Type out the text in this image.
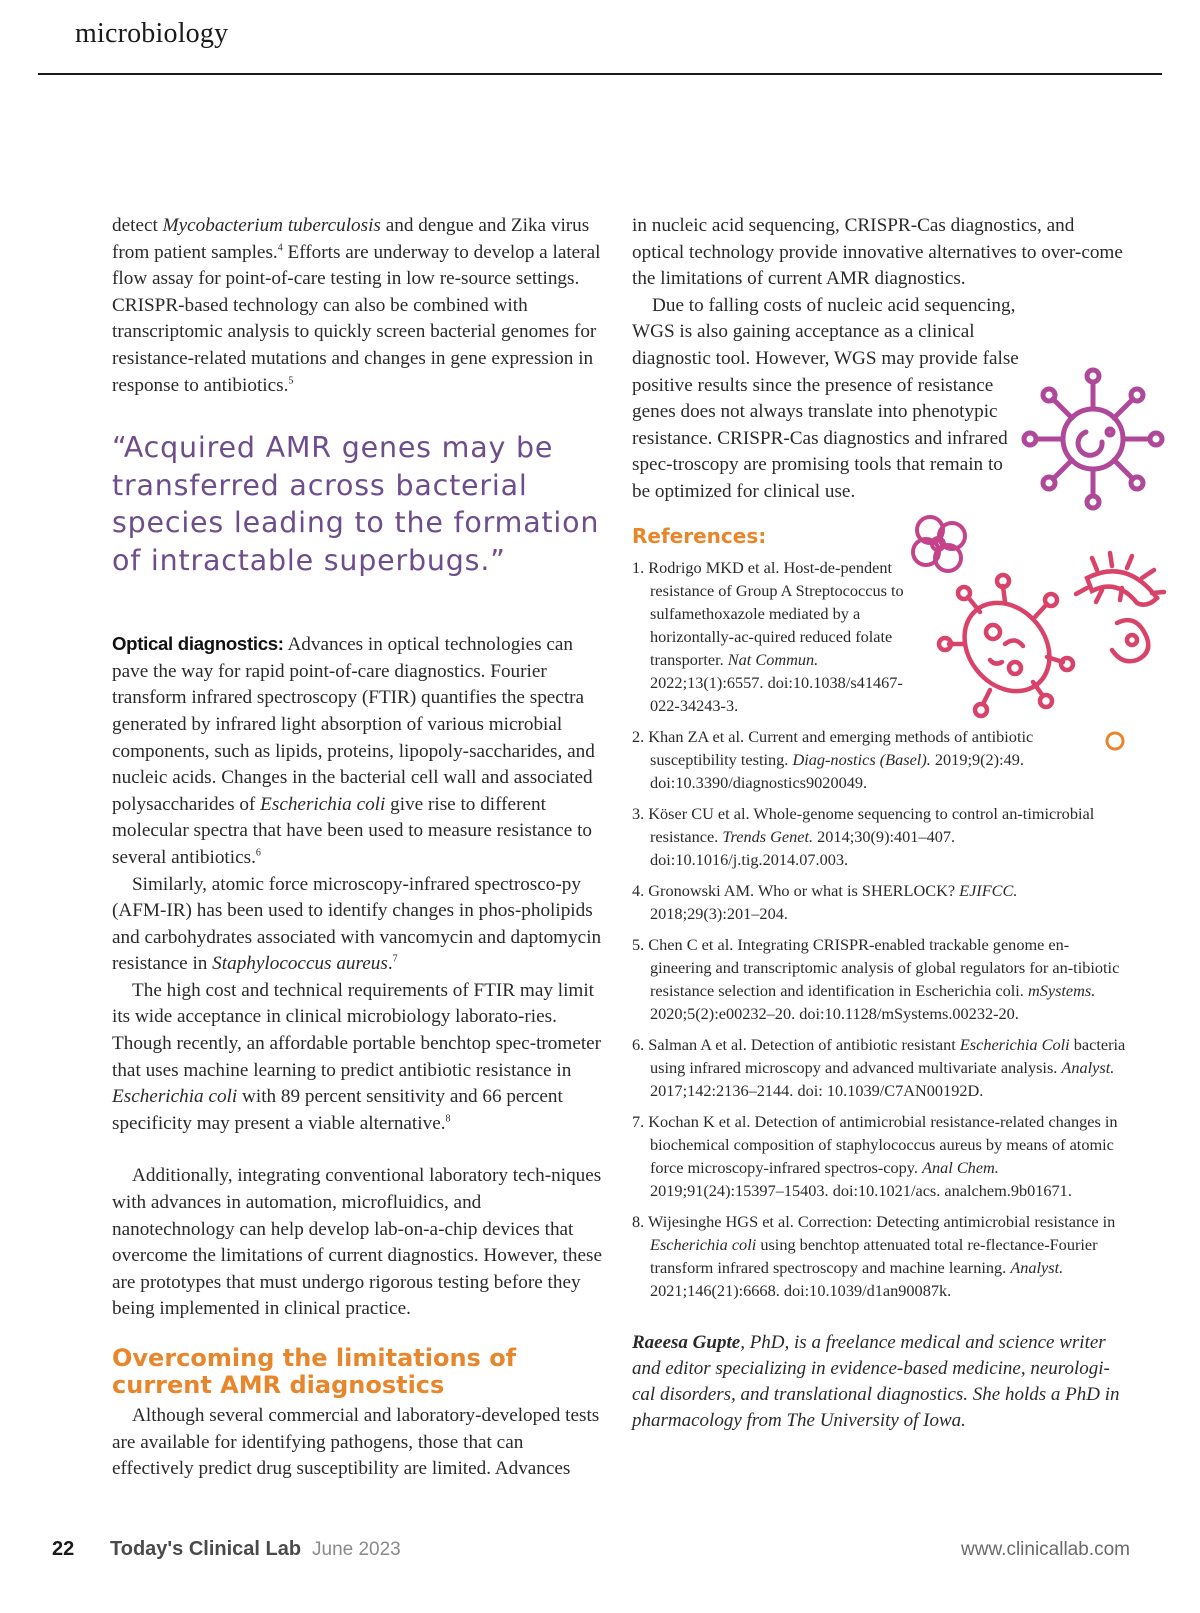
microbiology

detect Mycobacterium tuberculosis and dengue and Zika virus from patient samples.$^4$ Efforts are underway to develop a lateral flow assay for point-of-care testing in low re-source settings. CRISPR-based technology can also be combined with transcriptomic analysis to quickly screen bacterial genomes for resistance-related mutations and changes in gene expression in response to antibiotics.$^5$

“Acquired AMR genes may be transferred across bacterial species leading to the formation of intractable superbugs.”

Optical diagnostics: Advances in optical technologies can pave the way for rapid point-of-care diagnostics. Fourier transform infrared spectroscopy (FTIR) quantifies the spectra generated by infrared light absorption of various microbial components, such as lipids, proteins, lipopoly-saccharides, and nucleic acids. Changes in the bacterial cell wall and associated polysaccharides of Escherichia coli give rise to different molecular spectra that have been used to measure resistance to several antibiotics.$^6$

Similarly, atomic force microscopy-infrared spectrosco-py (AFM-IR) has been used to identify changes in phos-pholipids and carbohydrates associated with vancomycin and daptomycin resistance in Staphylococcus aureus.$^7$

The high cost and technical requirements of FTIR may limit its wide acceptance in clinical microbiology laborato-ries. Though recently, an affordable portable benchtop spec-trometer that uses machine learning to predict antibiotic resistance in Escherichia coli with 89 percent sensitivity and 66 percent specificity may present a viable alternative.$^8$

Additionally, integrating conventional laboratory tech-niques with advances in automation, microfluidics, and nanotechnology can help develop lab-on-a-chip devices that overcome the limitations of current diagnostics. However, these are prototypes that must undergo rigorous testing before they being implemented in clinical practice.

Overcoming the limitations of current AMR diagnostics

Although several commercial and laboratory-developed tests are available for identifying pathogens, those that can effectively predict drug susceptibility are limited. Advances

in nucleic acid sequencing, CRISPR-Cas diagnostics, and optical technology provide innovative alternatives to over-come the limitations of current AMR diagnostics.

Due to falling costs of nucleic acid sequencing, WGS is also gaining acceptance as a clinical diagnostic tool. However, WGS may provide false positive results since the presence of resistance genes does not always translate into phenotypic resistance. CRISPR-Cas diagnostics and infrared spec-troscopy are promising tools that remain to be optimized for clinical use.

References:

1. Rodrigo MKD et al. Host-de-pendent resistance of Group A Streptococcus to sulfamethoxazole mediated by a horizontally-ac-quired reduced folate transporter. Nat Commun. 2022;13(1):6557. doi:10.1038/s41467-022-34243-3.

2. Khan ZA et al. Current and emerging methods of antibiotic susceptibility testing. Diag-nostics (Basel). 2019;9(2):49. doi:10.3390/diagnostics9020049.

3. Köser CU et al. Whole-genome sequencing to control an-timicrobial resistance. Trends Genet. 2014;30(9):401–407. doi:10.1016/j.tig.2014.07.003.

4. Gronowski AM. Who or what is SHERLOCK? EJIFCC. 2018;29(3):201–204.

5. Chen C et al. Integrating CRISPR-enabled trackable genome en-gineering and transcriptomic analysis of global regulators for an-tibiotic resistance selection and identification in Escherichia coli. mSystems. 2020;5(2):e00232–20. doi:10.1128/mSystems.00232-20.

6. Salman A et al. Detection of antibiotic resistant Escherichia Coli bacteria using infrared microscopy and advanced multivariate analysis. Analyst. 2017;142:2136–2144. doi: 10.1039/C7AN00192D.

7. Kochan K et al. Detection of antimicrobial resistance-related changes in biochemical composition of staphylococcus aureus by means of atomic force microscopy-infrared spectros-copy. Anal Chem. 2019;91(24):15397–15403. doi:10.1021/acs. analchem.9b01671.

8. Wijesinghe HGS et al. Correction: Detecting antimicrobial resistance in Escherichia coli using benchtop attenuated total re-flectance-Fourier transform infrared spectroscopy and machine learning. Analyst. 2021;146(21):6668. doi:10.1039/d1an90087k.

Raeesa Gupte, PhD, is a freelance medical and science writer and editor specializing in evidence-based medicine, neurologi-cal disorders, and translational diagnostics. She holds a PhD in pharmacology from The University of Iowa.

22 Today's Clinical Lab June 2023	www.clinicallab.com
